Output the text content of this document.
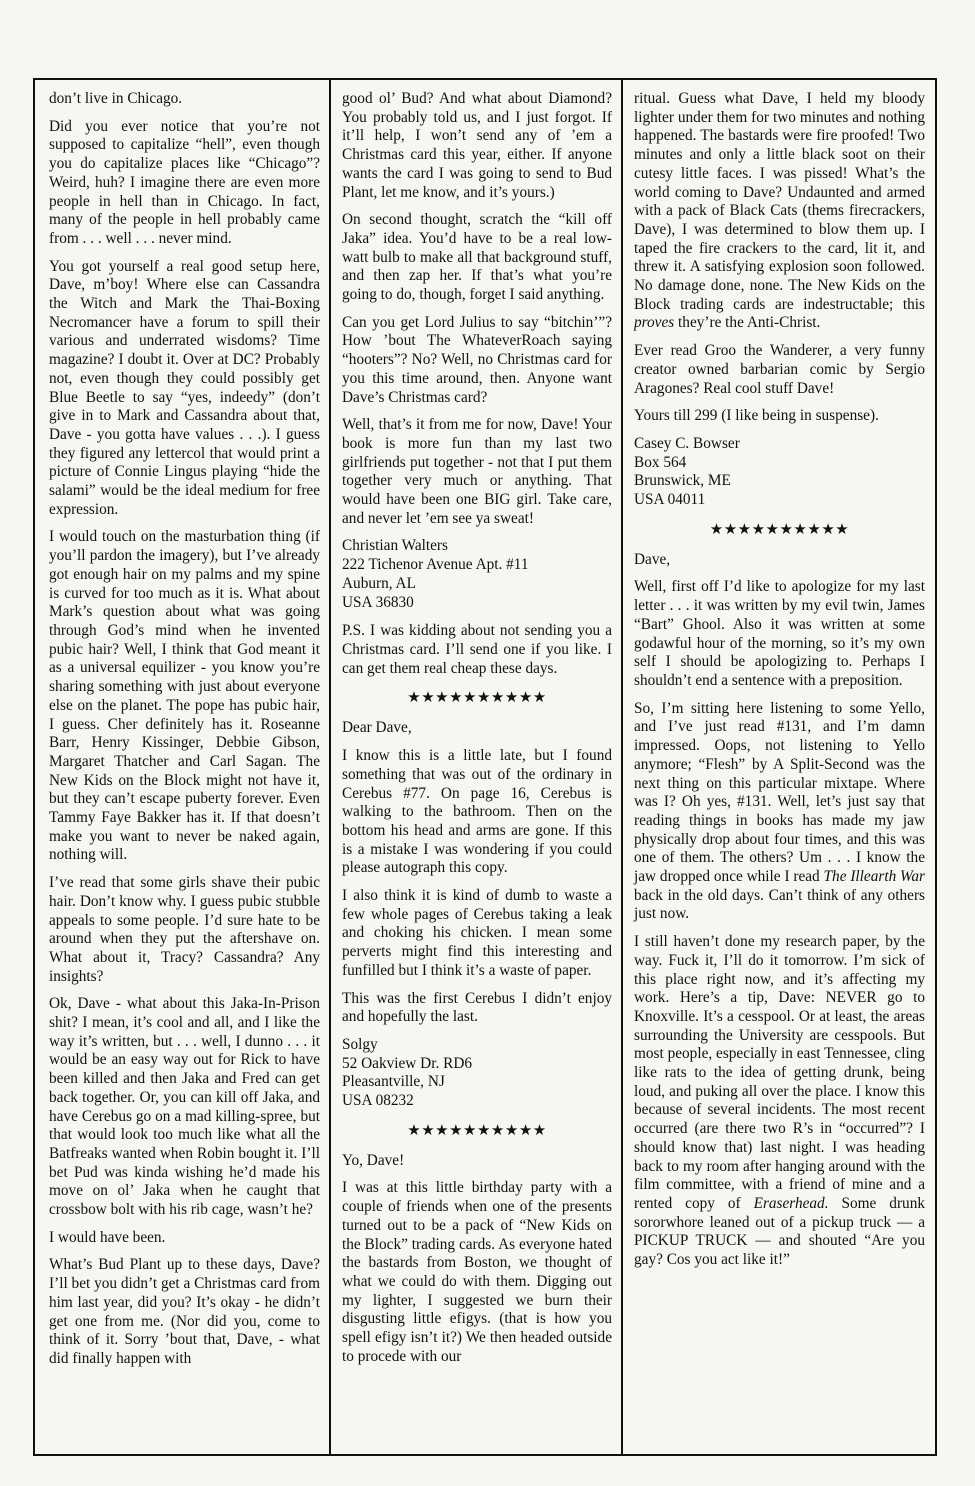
don’t live in Chicago.

Did you ever notice that you’re not supposed to capitalize “hell”, even though you do capitalize places like “Chicago”? Weird, huh? I imagine there are even more people in hell than in Chicago. In fact, many of the people in hell probably came from . . . well . . . never mind.

You got yourself a real good setup here, Dave, m’boy! Where else can Cassandra the Witch and Mark the Thai-Boxing Necromancer have a forum to spill their various and underrated wisdoms? Time magazine? I doubt it. Over at DC? Probably not, even though they could possibly get Blue Beetle to say “yes, indeedy” (don’t give in to Mark and Cassandra about that, Dave - you gotta have values . . .). I guess they figured any lettercol that would print a picture of Connie Lingus playing “hide the salami” would be the ideal medium for free expression.

I would touch on the masturbation thing (if you’ll pardon the imagery), but I’ve already got enough hair on my palms and my spine is curved for too much as it is. What about Mark’s question about what was going through God’s mind when he invented pubic hair? Well, I think that God meant it as a universal equilizer - you know you’re sharing something with just about everyone else on the planet. The pope has pubic hair, I guess. Cher definitely has it. Roseanne Barr, Henry Kissinger, Debbie Gibson, Margaret Thatcher and Carl Sagan. The New Kids on the Block might not have it, but they can’t escape puberty forever. Even Tammy Faye Bakker has it. If that doesn’t make you want to never be naked again, nothing will.

I’ve read that some girls shave their pubic hair. Don’t know why. I guess pubic stubble appeals to some people. I’d sure hate to be around when they put the aftershave on. What about it, Tracy? Cassandra? Any insights?

Ok, Dave - what about this Jaka-In-Prison shit? I mean, it’s cool and all, and I like the way it’s written, but . . . well, I dunno . . . it would be an easy way out for Rick to have been killed and then Jaka and Fred can get back together. Or, you can kill off Jaka, and have Cerebus go on a mad killing-spree, but that would look too much like what all the Batfreaks wanted when Robin bought it. I’ll bet Pud was kinda wishing he’d made his move on ol’ Jaka when he caught that crossbow bolt with his rib cage, wasn’t he?

I would have been.

What’s Bud Plant up to these days, Dave? I’ll bet you didn’t get a Christmas card from him last year, did you? It’s okay - he didn’t get one from me. (Nor did you, come to think of it. Sorry ’bout that, Dave, - what did finally happen with

good ol’ Bud? And what about Diamond? You probably told us, and I just forgot. If it’ll help, I won’t send any of ’em a Christmas card this year, either. If anyone wants the card I was going to send to Bud Plant, let me know, and it’s yours.)

On second thought, scratch the “kill off Jaka” idea. You’d have to be a real low-watt bulb to make all that background stuff, and then zap her. If that’s what you’re going to do, though, forget I said anything.

Can you get Lord Julius to say “bitchin’”? How ’bout The WhateverRoach saying “hooters”? No? Well, no Christmas card for you this time around, then. Anyone want Dave’s Christmas card?

Well, that’s it from me for now, Dave! Your book is more fun than my last two girlfriends put together - not that I put them together very much or anything. That would have been one BIG girl. Take care, and never let ’em see ya sweat!

Christian Walters
222 Tichenor Avenue Apt. #11
Auburn, AL
USA 36830

P.S. I was kidding about not sending you a Christmas card. I’ll send one if you like. I can get them real cheap these days.

★★★★★★★★★★

Dear Dave,

I know this is a little late, but I found something that was out of the ordinary in Cerebus #77. On page 16, Cerebus is walking to the bathroom. Then on the bottom his head and arms are gone. If this is a mistake I was wondering if you could please autograph this copy.

I also think it is kind of dumb to waste a few whole pages of Cerebus taking a leak and choking his chicken. I mean some perverts might find this interesting and funfilled but I think it’s a waste of paper.

This was the first Cerebus I didn’t enjoy and hopefully the last.

Solgy
52 Oakview Dr. RD6
Pleasantville, NJ
USA 08232

★★★★★★★★★★

Yo, Dave!

I was at this little birthday party with a couple of friends when one of the presents turned out to be a pack of “New Kids on the Block” trading cards. As everyone hated the bastards from Boston, we thought of what we could do with them. Digging out my lighter, I suggested we burn their disgusting little efigys. (that is how you spell efigy isn’t it?) We then headed outside to procede with our

ritual. Guess what Dave, I held my bloody lighter under them for two minutes and nothing happened. The bastards were fire proofed! Two minutes and only a little black soot on their cutesy little faces. I was pissed! What’s the world coming to Dave? Undaunted and armed with a pack of Black Cats (thems firecrackers, Dave), I was determined to blow them up. I taped the fire crackers to the card, lit it, and threw it. A satisfying explosion soon followed. No damage done, none. The New Kids on the Block trading cards are indestructable; this proves they’re the Anti-Christ.

Ever read Groo the Wanderer, a very funny creator owned barbarian comic by Sergio Aragones? Real cool stuff Dave!

Yours till 299 (I like being in suspense).

Casey C. Bowser
Box 564
Brunswick, ME
USA 04011

★★★★★★★★★★

Dave,

Well, first off I’d like to apologize for my last letter . . . it was written by my evil twin, James “Bart” Ghool. Also it was written at some godawful hour of the morning, so it’s my own self I should be apologizing to. Perhaps I shouldn’t end a sentence with a preposition.

So, I’m sitting here listening to some Yello, and I’ve just read #131, and I’m damn impressed. Oops, not listening to Yello anymore; “Flesh” by A Split-Second was the next thing on this particular mixtape. Where was I? Oh yes, #131. Well, let’s just say that reading things in books has made my jaw physically drop about four times, and this was one of them. The others? Um . . . I know the jaw dropped once while I read The Illearth War back in the old days. Can’t think of any others just now.

I still haven’t done my research paper, by the way. Fuck it, I’ll do it tomorrow. I’m sick of this place right now, and it’s affecting my work. Here’s a tip, Dave: NEVER go to Knoxville. It’s a cesspool. Or at least, the areas surrounding the University are cesspools. But most people, especially in east Tennessee, cling like rats to the idea of getting drunk, being loud, and puking all over the place. I know this because of several incidents. The most recent occurred (are there two R’s in “occurred”? I should know that) last night. I was heading back to my room after hanging around with the film committee, with a friend of mine and a rented copy of Eraserhead. Some drunk sororwhore leaned out of a pickup truck — a PICKUP TRUCK — and shouted “Are you gay? Cos you act like it!”
